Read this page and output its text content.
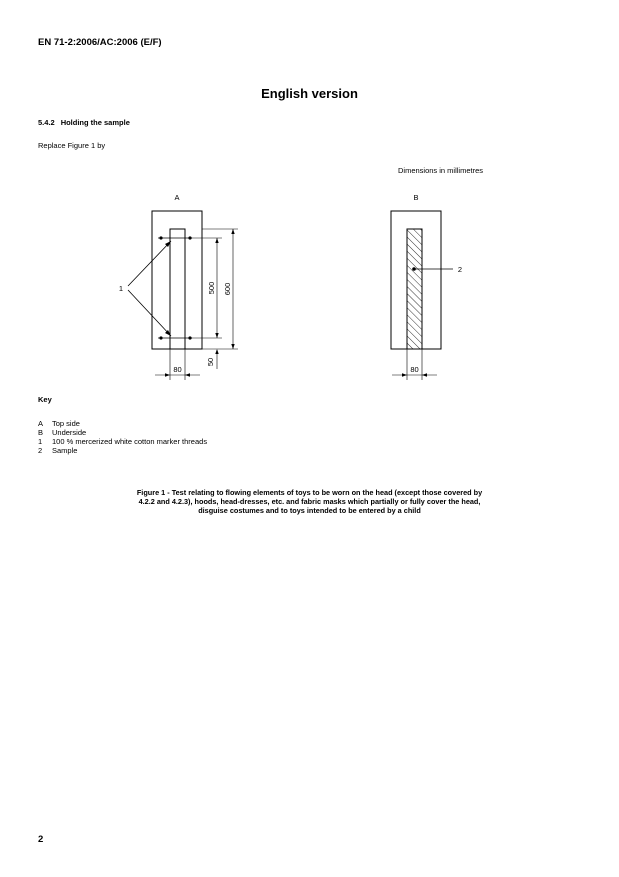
EN 71-2:2006/AC:2006 (E/F)
English version
5.4.2 Holding the sample
Replace Figure 1 by
Dimensions in millimetres
A
1	500 600
50
80
B
2
80
Key
A	Top side
B	Underside
1	100 % mercerized white cotton marker threads
2	Sample
Figure 1 - Test relating to flowing elements of toys to be worn on the head (except those covered by
4.2.2 and 4.2.3), hoods, head-dresses, etc. and fabric masks which partially or fully cover the head,
disguise costumes and to toys intended to be entered by a child
2
